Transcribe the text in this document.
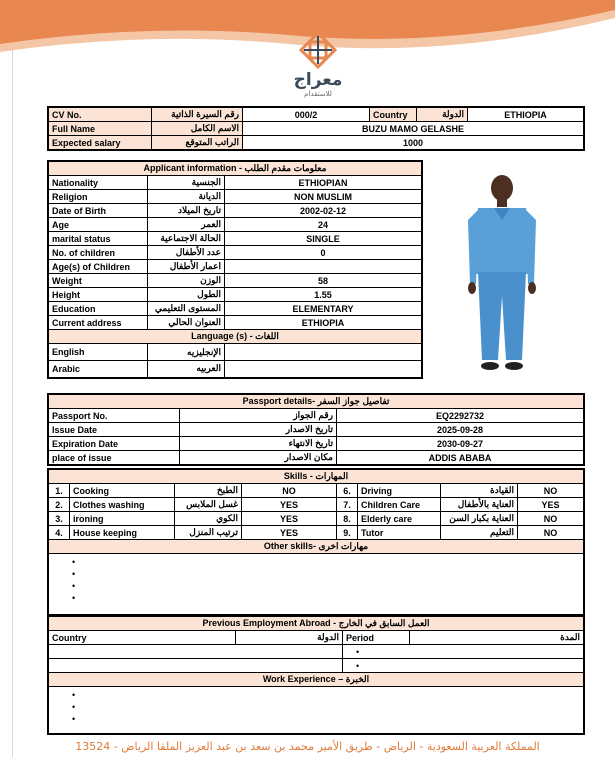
معراج
للاستقدام
CV No.	رقم السيرة الذاتية	000/2	Country	الدولة	ETHIOPIA
Full Name	الاسم الكامل	BUZU MAMO GELASHE			
Expected salary	الراتب المتوقع	1000			
Applicant information - معلومات مقدم الطلب		
Nationality	الجنسية	ETHIOPIAN
Religion	الديانة	NON MUSLIM
Date of Birth	تاريخ الميلاد	2002-02-12
Age	العمر	24
marital status	الحالة الاجتماعية	SINGLE
No. of children	عدد الأطفال	0
Age(s) of Children	اعمار الأطفال	
Weight	الوزن	58
Height	الطول	1.55
Education	المستوى التعليمي	ELEMENTARY
Current address	العنوان الحالي	ETHIOPIA
Language (s) - اللغات		
English	الإنجليزيه	
Arabic	العربيه	
Passport details- تفاصيل جواز السفر		
Passport No.	رقم الجواز	EQ2292732
Issue Date	تاريخ الاصدار	2025-09-28
Expiration Date	تاريخ الانتهاء	2030-09-27
place of issue	مكان الاصدار	ADDIS ABABA
Skills - المهارات							
1.	Cooking	الطبخ	NO	6.	Driving	القيادة	NO
2.	Clothes washing	غسل الملابس	YES	7.	Children Care	العناية بالأطفال	YES
3.	ironing	الكوي	YES	8.	Elderly care	العناية بكبار السن	NO
4.	House keeping	ترتيب المنزل	YES	9.	Tutor	التعليم	NO
Other skills- مهارات اخرى							

•
•
•
•
Previous Employment Abroad - العمل السابق في الخارج			
Country	الدولة	Period	المدة
		•	
		•	
Work Experience – الخبرة			

•
•
•
المملكة العربية السعودية - الرياض - طريق الأمير محمد بن سعد بن عبد العزيز الملقا الرياض - 13524
